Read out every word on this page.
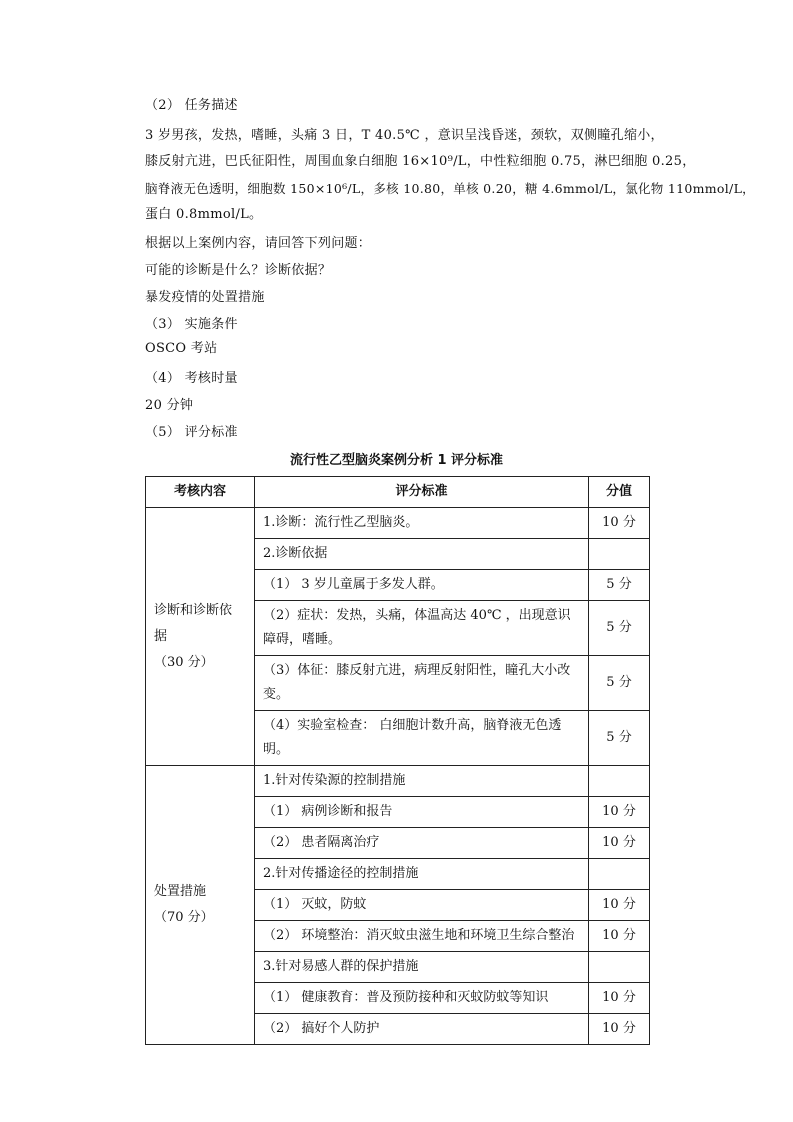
（2） 任务描述
3 岁男孩，发热，嗜睡，头痛 3 日，T 40.5℃ ，意识呈浅昏迷，颈软，双侧瞳孔缩小，
膝反射亢进，巴氏征阳性，周围血象白细胞 16×10⁹/L，中性粒细胞 0.75，淋巴细胞 0.25，
脑脊液无色透明，细胞数 150×10⁶/L，多核 10.80，单核 0.20，糖 4.6mmol/L，氯化物 110mmol/L，
蛋白 0.8mmol/L。
根据以上案例内容，请回答下列问题：
可能的诊断是什么？诊断依据？
暴发疫情的处置措施
（3） 实施条件
OSCO 考站
（4） 考核时量
20 分钟
（5） 评分标准
流行性乙型脑炎案例分析 1 评分标准
考核内容	评分标准	分值

诊断和诊断依
据
（30 分）	1.诊断：流行性乙型脑炎。	10 分
	2.诊断依据	
	（1） 3 岁儿童属于多发人群。	5 分
	（2）症状：发热，头痛，体温高达 40℃ ，出现意识障碍，嗜睡。	5 分
	（3）体征：膝反射亢进，病理反射阳性，瞳孔大小改变。	5 分
	（4）实验室检查： 白细胞计数升高，脑脊液无色透明。	5 分

处置措施
（70 分）	1.针对传染源的控制措施	
	（1） 病例诊断和报告	10 分
	（2） 患者隔离治疗	10 分
	2.针对传播途径的控制措施	
	（1） 灭蚊，防蚊	10 分
	（2） 环境整治：消灭蚊虫滋生地和环境卫生综合整治	10 分
	3.针对易感人群的保护措施	
	（1） 健康教育：普及预防接种和灭蚊防蚊等知识	10 分
	（2） 搞好个人防护	10 分
